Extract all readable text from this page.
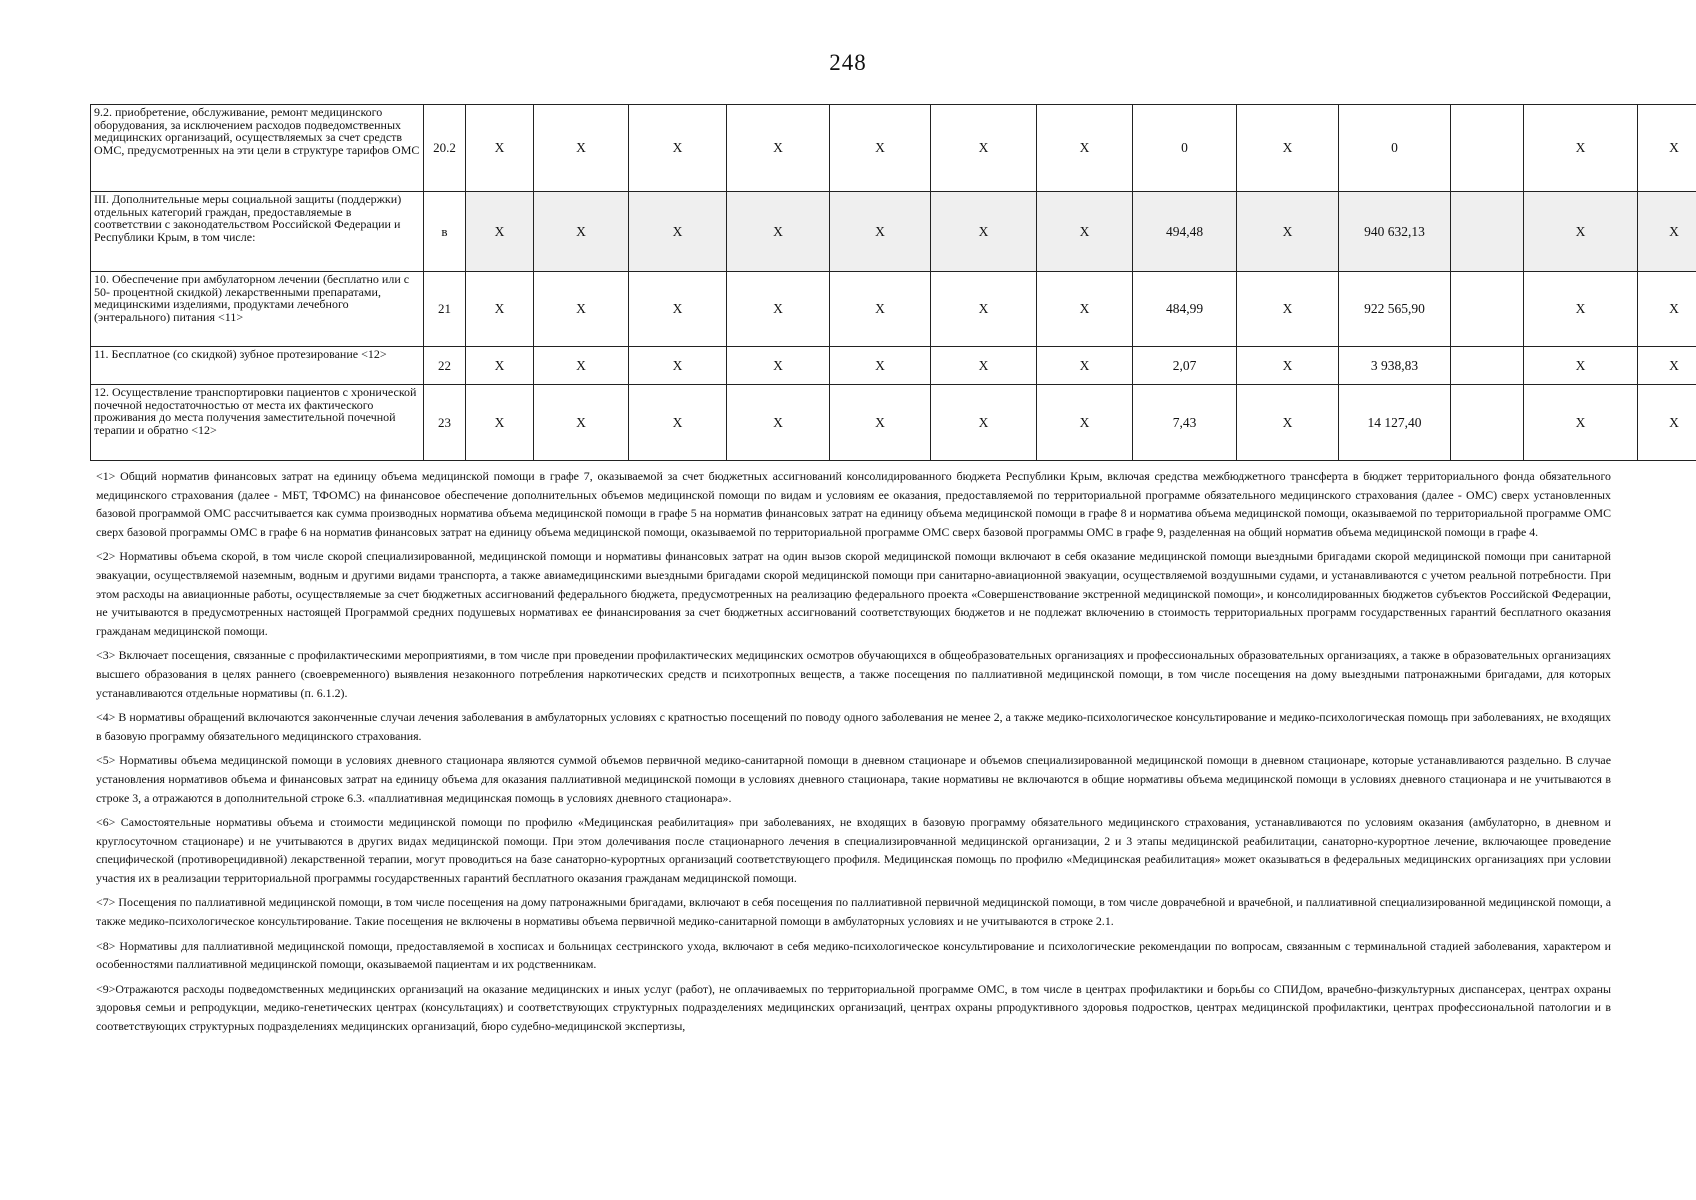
248
9.2. приобретение, обслуживание, ремонт медицинского оборудования, за исключением расходов подведомственных медицинских организаций, осуществляемых за счет средств ОМС, предусмотренных на эти цели в структуре тарифов ОМС	20.2	X	X	X	X	X	X	X	0	X	0		X	X
III. Дополнительные меры социальной защиты (поддержки) отдельных категорий граждан, предоставляемые в соответствии с законодательством Российской Федерации и Республики Крым, в том числе:	в	X	X	X	X	X	X	X	494,48	X	940 632,13		X	X
10. Обеспечение при амбулаторном лечении (бесплатно или с 50- процентной скидкой) лекарственными препаратами, медицинскими изделиями, продуктами лечебного (энтерального) питания <11>	21	X	X	X	X	X	X	X	484,99	X	922 565,90		X	X
11. Бесплатное (со скидкой) зубное протезирование <12>	22	X	X	X	X	X	X	X	2,07	X	3 938,83		X	X
12. Осуществление транспортировки пациентов с хронической почечной недостаточностью от места их фактического проживания до места получения заместительной почечной терапии и обратно <12>	23	X	X	X	X	X	X	X	7,43	X	14 127,40		X	X

<1> Общий норматив финансовых затрат на единицу объема медицинской помощи в графе 7, оказываемой за счет бюджетных ассигнований консолидированного бюджета Республики Крым, включая средства межбюджетного трансферта в бюджет территориального фонда обязательного медицинского страхования (далее - МБТ, ТФОМС) на финансовое обеспечение дополнительных объемов медицинской помощи по видам и условиям ее оказания, предоставляемой по территориальной программе обязательного медицинского страхования (далее - ОМС) сверх установленных базовой программой ОМС рассчитывается как сумма производных норматива объема медицинской помощи в графе 5 на норматив финансовых затрат на единицу объема медицинской помощи в графе 8 и норматива объема медицинской помощи, оказываемой по территориальной программе ОМС сверх базовой программы ОМС в графе 6 на норматив финансовых затрат на единицу объема медицинской помощи, оказываемой по территориальной программе ОМС сверх базовой программы ОМС в графе 9, разделенная на общий норматив объема медицинской помощи в графе 4.

<2> Нормативы объема скорой, в том числе скорой специализированной, медицинской помощи и нормативы финансовых затрат на один вызов скорой медицинской помощи включают в себя оказание медицинской помощи выездными бригадами скорой медицинской помощи при санитарной эвакуации, осуществляемой наземным, водным и другими видами транспорта, а также авиамедицинскими выездными бригадами скорой медицинской помощи при санитарно-авиационной эвакуации, осуществляемой воздушными судами, и устанавливаются с учетом реальной потребности. При этом расходы на авиационные работы, осуществляемые за счет бюджетных ассигнований федерального бюджета, предусмотренных на реализацию федерального проекта «Совершенствование экстренной медицинской помощи», и консолидированных бюджетов субъектов Российской Федерации, не учитываются в предусмотренных настоящей Программой средних подушевых нормативах ее финансирования за счет бюджетных ассигнований соответствующих бюджетов и не подлежат включению в стоимость территориальных программ государственных гарантий бесплатного оказания гражданам медицинской помощи.

<3> Включает посещения, связанные с профилактическими мероприятиями, в том числе при проведении профилактических медицинских осмотров обучающихся в общеобразовательных организациях и профессиональных образовательных организациях, а также в образовательных организациях высшего образования в целях раннего (своевременного) выявления незаконного потребления наркотических средств и психотропных веществ, а также посещения по паллиативной медицинской помощи, в том числе посещения на дому выездными патронажными бригадами, для которых устанавливаются отдельные нормативы (п. 6.1.2).

<4> В нормативы обращений включаются законченные случаи лечения заболевания в амбулаторных условиях с кратностью посещений по поводу одного заболевания не менее 2, а также медико-психологическое консультирование и медико-психологическая помощь при заболеваниях, не входящих в базовую программу обязательного медицинского страхования.

<5> Нормативы объема медицинской помощи в условиях дневного стационара являются суммой объемов первичной медико-санитарной помощи в дневном стационаре и объемов специализированной медицинской помощи в дневном стационаре, которые устанавливаются раздельно. В случае установления нормативов объема и финансовых затрат на единицу объема для оказания паллиативной медицинской помощи в условиях дневного стационара, такие нормативы не включаются в общие нормативы объема медицинской помощи в условиях дневного стационара и не учитываются в строке 3, а отражаются в дополнительной строке 6.3. «паллиативная медицинская помощь в условиях дневного стационара».

<6> Самостоятельные нормативы объема и стоимости медицинской помощи по профилю «Медицинская реабилитация» при заболеваниях, не входящих в базовую программу обязательного медицинского страхования, устанавливаются по условиям оказания (амбулаторно, в дневном и круглосуточном стационаре) и не учитываются в других видах медицинской помощи. При этом долечивания после стационарного лечения в специализировчанной медицинской организации, 2 и 3 этапы медицинской реабилитации, санаторно-курортное лечение, включающее проведение специфической (противорецидивной) лекарственной терапии, могут проводиться на базе санаторно-курортных организаций соответствующего профиля. Медицинская помощь по профилю «Медицинская реабилитация» может оказываться в федеральных медицинских организациях при условии участия их в реализации территориальной программы государственных гарантий бесплатного оказания гражданам медицинской помощи.

<7> Посещения по паллиативной медицинской помощи, в том числе посещения на дому патронажными бригадами, включают в себя посещения по паллиативной первичной медицинской помощи, в том числе доврачебной и врачебной, и паллиативной специализированной медицинской помощи, а также медико-психологическое консультирование. Такие посещения не включены в нормативы объема первичной медико-санитарной помощи в амбулаторных условиях и не учитываются в строке 2.1.

<8> Нормативы для паллиативной медицинской помощи, предоставляемой в хосписах и больницах сестринского ухода, включают в себя медико-психологическое консультирование и психологические рекомендации по вопросам, связанным с терминальной стадией заболевания, характером и особенностями паллиативной медицинской помощи, оказываемой пациентам и их родственникам.

<9>Отражаются расходы подведомственных медицинских организаций на оказание медицинских и иных услуг (работ), не оплачиваемых по территориальной программе ОМС, в том числе в центрах профилактики и борьбы со СПИДом, врачебно-физкультурных диспансерах, центрах охраны здоровья семьи и репродукции, медико-генетических центрах (консультациях) и соответствующих структурных подразделениях медицинских организаций, центрах охраны рпродуктивного здоровья подростков, центрах медицинской профилактики, центрах профессиональной патологии и в соответствующих структурных подразделениях медицинских организаций, бюро судебно-медицинской экспертизы,
